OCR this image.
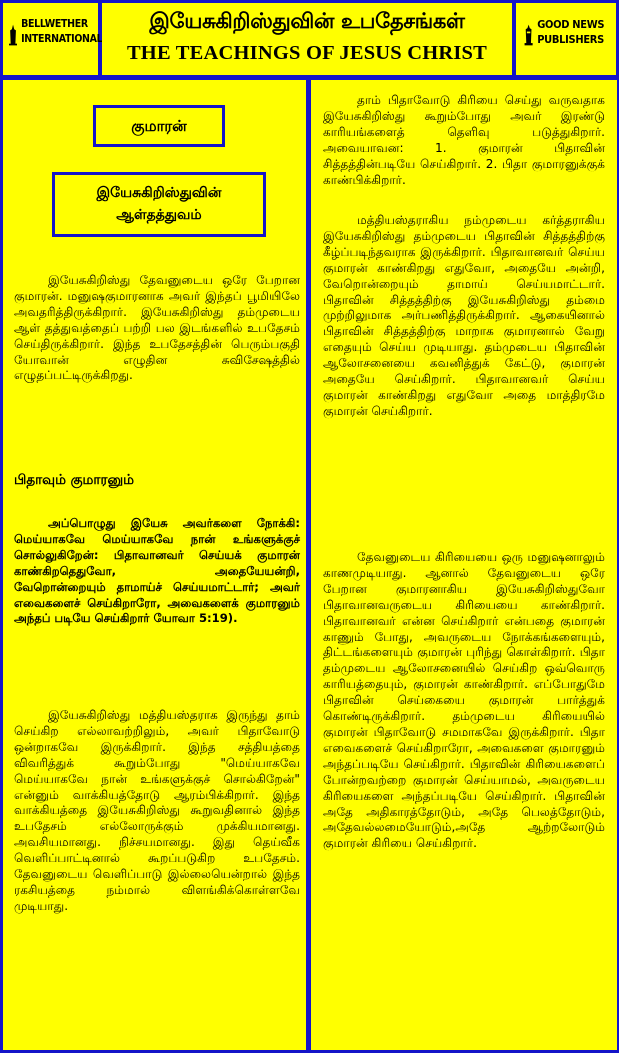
BELLWETHER INTERNATIONAL
இயேசுகிறிஸ்துவின் உபதேசங்கள்
THE TEACHINGS OF JESUS CHRIST
GOOD NEWS PUBLISHERS
குமாரன்
இயேசுகிறிஸ்துவின்
ஆள்தத்துவம்

இயேசுகிறிஸ்து தேவனுடைய ஒரே பேறான குமாரன். மனுஷகுமாரனாக அவர் இந்தப் பூமியிலே அவதரித்திருக்கிறார். இயேசுகிறிஸ்து தம்முடைய ஆள் தத்துவத்தைப் பற்றி பல இடங்களில் உபதேசம் செய்திருக்கிறார். இந்த உபதேசத்தின் பெரும்பகுதி யோவான் எழுதின சுவிசேஷத்தில் எழுதப்பட்டிருக்கிறது.

பிதாவும் குமாரனும்

அப்பொழுது இயேசு அவர்களை நோக்கி: மெய்யாகவே மெய்யாகவே நான் உங்களுக்குச் சொல்லுகிறேன்: பிதாவானவர் செய்யக் குமாரன் காண்கிறதெதுவோ, அதையேயன்றி, வேறொன்றையும் தாமாய்ச் செய்யமாட்டார்; அவர் எவைகளைச் செய்கிறாரோ, அவைகளைக் குமாரனும் அந்தப் படியே செய்கிறார் யோவா 5:19).

இயேசுகிறிஸ்து மத்தியஸ்தராக இருந்து தாம் செய்கிற எல்லாவற்றிலும், அவர் பிதாவோடு ஒன்றாகவே இருக்கிறார். இந்த சத்தியத்தை விவரித்துக் கூறும்போது "மெய்யாகவே மெய்யாகவே நான் உங்களுக்குச் சொல்கிறேன்" என்னும் வாக்கியத்தோடு ஆரம்பிக்கிறார். இந்த வாக்கியத்தை இயேசுகிறிஸ்து கூறுவதினால் இந்த உபதேசம் எல்லோருக்கும் முக்கியமானது. அவசியமானது. நிச்சயமானது. இது தெய்வீக வெளிப்பாட்டினால் கூறப்படுகிற உபதேசம். தேவனுடைய வெளிப்பாடு இல்லையென்றால் இந்த ரகசியத்தை நம்மால் விளங்கிக்கொள்ளவே முடியாது.

தாம் பிதாவோடு கிரியை செய்து வருவதாக இயேசுகிறிஸ்து கூறும்போது அவர் இரண்டு காரியங்களைத் தெளிவு படுத்துகிறார். அவையாவன: 1. குமாரன் பிதாவின் சித்தத்தின்படியே செய்கிறார். 2. பிதா குமாரனுக்குக் காண்பிக்கிறார்.

மத்தியஸ்தராகிய நம்முடைய கர்த்தராகிய இயேசுகிறிஸ்து தம்முடைய பிதாவின் சித்தத்திற்கு கீழ்ப்படிந்தவராக இருக்கிறார். பிதாவானவர் செய்ய குமாரன் காண்கிறது எதுவோ, அதையே அன்றி, வேறொன்றையும் தாமாய் செய்யமாட்டார். பிதாவின் சித்தத்திற்கு இயேசுகிறிஸ்து தம்மை முற்றிலுமாக அர்பணித்திருக்கிறார். ஆகையினால் பிதாவின் சித்தத்திற்கு மாறாக குமாரனால் வேறு எதையும் செய்ய முடியாது. தம்முடைய பிதாவின் ஆலோசனையை கவனித்துக் கேட்டு, குமாரன் அதையே செய்கிறார். பிதாவானவர் செய்ய குமாரன் காண்கிறது எதுவோ அதை மாத்திரமே குமாரன் செய்கிறார்.

தேவனுடைய கிரியையை ஒரு மனுஷனாலும் காணமுடியாது. ஆனால் தேவனுடைய ஒரே பேறான குமாரனாகிய இயேசுகிறிஸ்துவோ பிதாவானவருடைய கிரியையை காண்கிறார். பிதாவானவர் என்ன செய்கிறார் என்பதை குமாரன் காணும் போது, அவருடைய நோக்கங்களையும், திட்டங்களையும் குமாரன் புரிந்து கொள்கிறார். பிதா தம்முடைய ஆலோசனையில் செய்கிற ஒவ்வொரு காரியத்தையும், குமாரன் காண்கிறார். எப்போதுமே பிதாவின் செய்கையை குமாரன் பார்த்துக் கொண்டிருக்கிறார். தம்முடைய கிரியையில் குமாரன் பிதாவோடு சமமாகவே இருக்கிறார். பிதா எவைகளைச் செய்கிறாரோ, அவைகளை குமாரனும் அந்தப்படியே செய்கிறார். பிதாவின் கிரியைகளைப் போன்றவற்றை குமாரன் செய்யாமல், அவருடைய கிரியைகளை அந்தப்படியே செய்கிறார். பிதாவின் அதே அதிகாரத்தோடும், அதே பெலத்தோடும், அதேவல்லமையோடும்,அதே ஆற்றலோடும் குமாரன் கிரியை செய்கிறார்.
